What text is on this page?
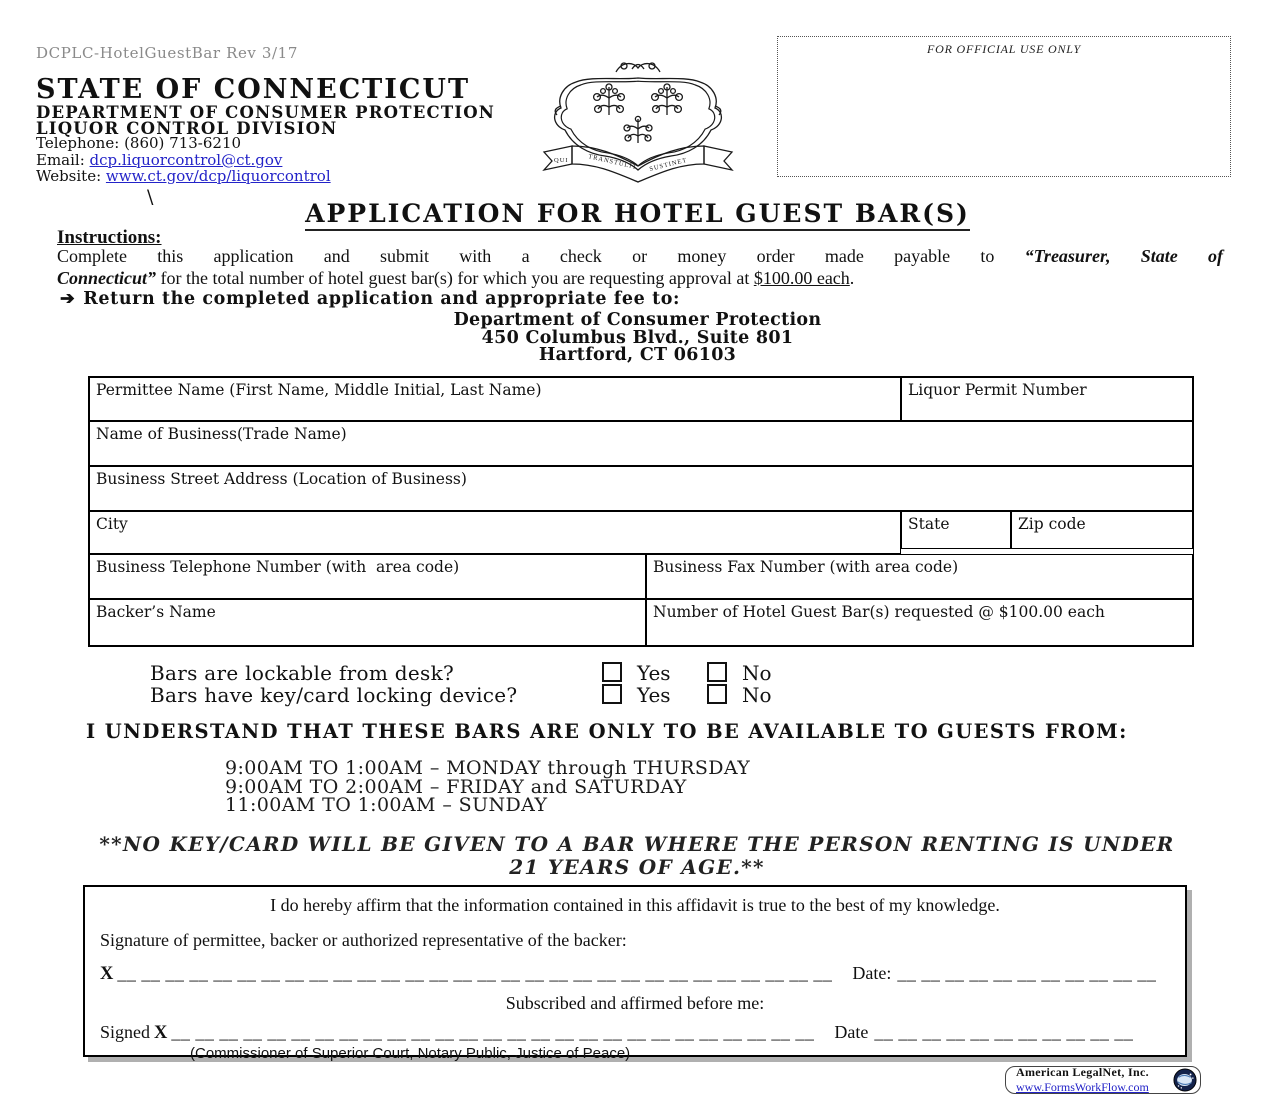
DCPLC-HotelGuestBar Rev 3/17
STATE OF CONNECTICUT
DEPARTMENT OF CONSUMER PROTECTION
LIQUOR CONTROL DIVISION
Telephone: (860) 713-6210
Email: dcp.liquorcontrol@ct.gov
Website: www.ct.gov/dcp/liquorcontrol
QUI	TRANSTULIT SUSTINET
FOR OFFICIAL USE ONLY
\
APPLICATION FOR HOTEL GUEST BAR(S)
Instructions:
Complete this application and submit with a check or money order made payable to “Treasurer, State of
Connecticut” for the total number of hotel guest bar(s) for which you are requesting approval at $100.00 each.
➔ Return the completed application and appropriate fee to:
Department of Consumer Protection
450 Columbus Blvd., Suite 801
Hartford, CT 06103
Permittee Name (First Name, Middle Initial, Last Name)	Liquor Permit Number
Name of Business(Trade Name)
Business Street Address (Location of Business)
City	State	Zip code
Business Telephone Number (with  area code)	Business Fax Number (with area code)
Backer’s Name	Number of Hotel Guest Bar(s) requested @ $100.00 each
Bars are lockable from desk?	Yes	No
Bars have key/card locking device?	Yes	No
I UNDERSTAND THAT THESE BARS ARE ONLY TO BE AVAILABLE TO GUESTS FROM:
9:00AM TO 1:00AM – MONDAY through THURSDAY
9:00AM TO 2:00AM – FRIDAY and SATURDAY
11:00AM TO 1:00AM – SUNDAY
**NO KEY/CARD WILL BE GIVEN TO A BAR WHERE THE PERSON RENTING IS UNDER 21 YEARS OF AGE.**
I do hereby affirm that the information contained in this affidavit is true to the best of my knowledge.
Signature of permittee, backer or authorized representative of the backer:
X __ __ __ __ __ __ __ __ __ __ __ __ __ __ __ __ __ __ __ __ __ __ __ __ __ __ __ __ __ __ Date: __ __ __ __ __ __ __ __ __ __ __
Subscribed and affirmed before me:
Signed X __ __ __ __ __ __ __ __ __ __ __ __ __ __ __ __ __ __ __ __ __ __ __ __ __ __ __ Date __ __ __ __ __ __ __ __ __ __ __
(Commissioner of Superior Court, Notary Public, Justice of Peace)
American LegalNet, Inc.
www.FormsWorkFlow.com
